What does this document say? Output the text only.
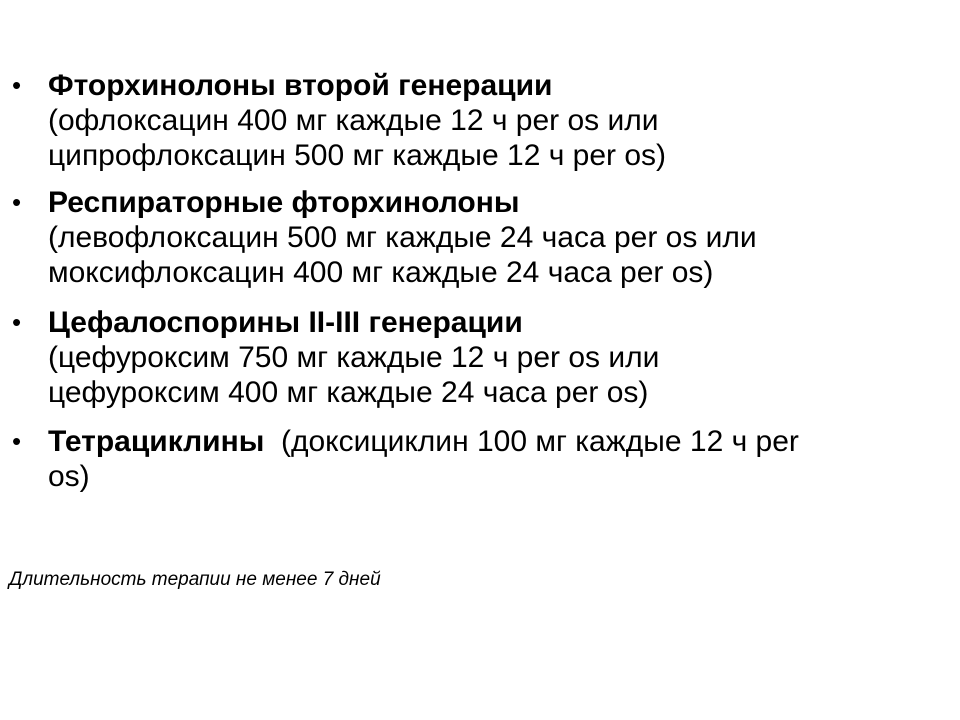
• Фторхинолоны второй генерации
(офлоксацин 400 мг каждые 12 ч per os или ципрофлоксацин 500 мг каждые 12 ч per os)
• Респираторные фторхинолоны
(левофлоксацин 500 мг каждые 24 часа per os или моксифлоксацин 400 мг каждые 24 часа per os)
• Цефалоспорины II-III генерации
(цефуроксим 750 мг каждые 12 ч per os или цефуроксим 400 мг каждые 24 часа per os)
• Тетрациклины (доксициклин 100 мг каждые 12 ч per os)
Длительность терапии не менее 7 дней
